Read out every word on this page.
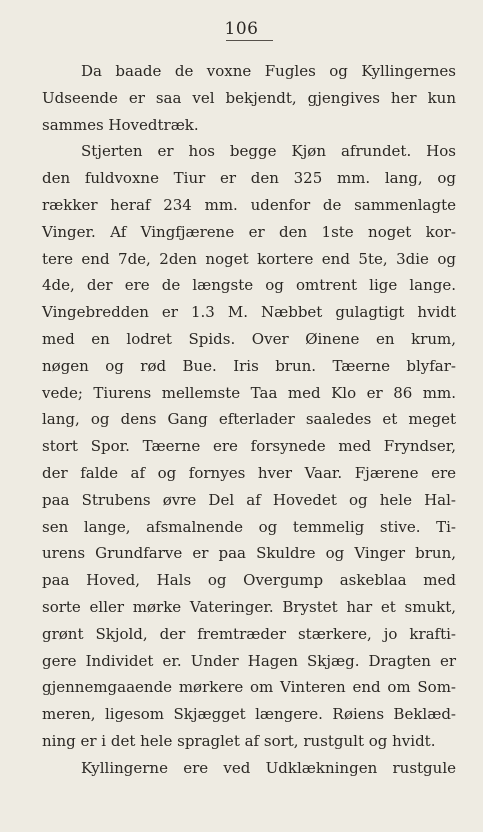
106
Da baade de voxne Fugles og Kyllingernes
Udseende er saa vel bekjendt, gjengives her kun
sammes Hovedtræk.
Stjerten er hos begge Kjøn afrundet. Hos
den fuldvoxne Tiur er den 325 mm. lang, og
rækker heraf 234 mm. udenfor de sammenlagte
Vinger. Af Vingfjærene er den 1ste noget kor-
tere end 7de, 2den noget kortere end 5te, 3die og
4de, der ere de længste og omtrent lige lange.
Vingebredden er 1.3 M. Næbbet gulagtigt hvidt
med en lodret Spids. Over Øinene en krum,
nøgen og rød Bue. Iris brun. Tæerne blyfar-
vede; Tiurens mellemste Taa med Klo er 86 mm.
lang, og dens Gang efterlader saaledes et meget
stort Spor. Tæerne ere forsynede med Fryndser,
der falde af og fornyes hver Vaar. Fjærene ere
paa Strubens øvre Del af Hovedet og hele Hal-
sen lange, afsmalnende og temmelig stive. Ti-
urens Grundfarve er paa Skuldre og Vinger brun,
paa Hoved, Hals og Overgump askeblaa med
sorte eller mørke Vateringer. Brystet har et smukt,
grønt Skjold, der fremtræder stærkere, jo krafti-
gere Individet er. Under Hagen Skjæg. Dragten er
gjennemgaaende mørkere om Vinteren end om Som-
meren, ligesom Skjægget længere. Røiens Beklæd-
ning er i det hele spraglet af sort, rustgult og hvidt.
Kyllingerne ere ved Udklækningen rustgule
